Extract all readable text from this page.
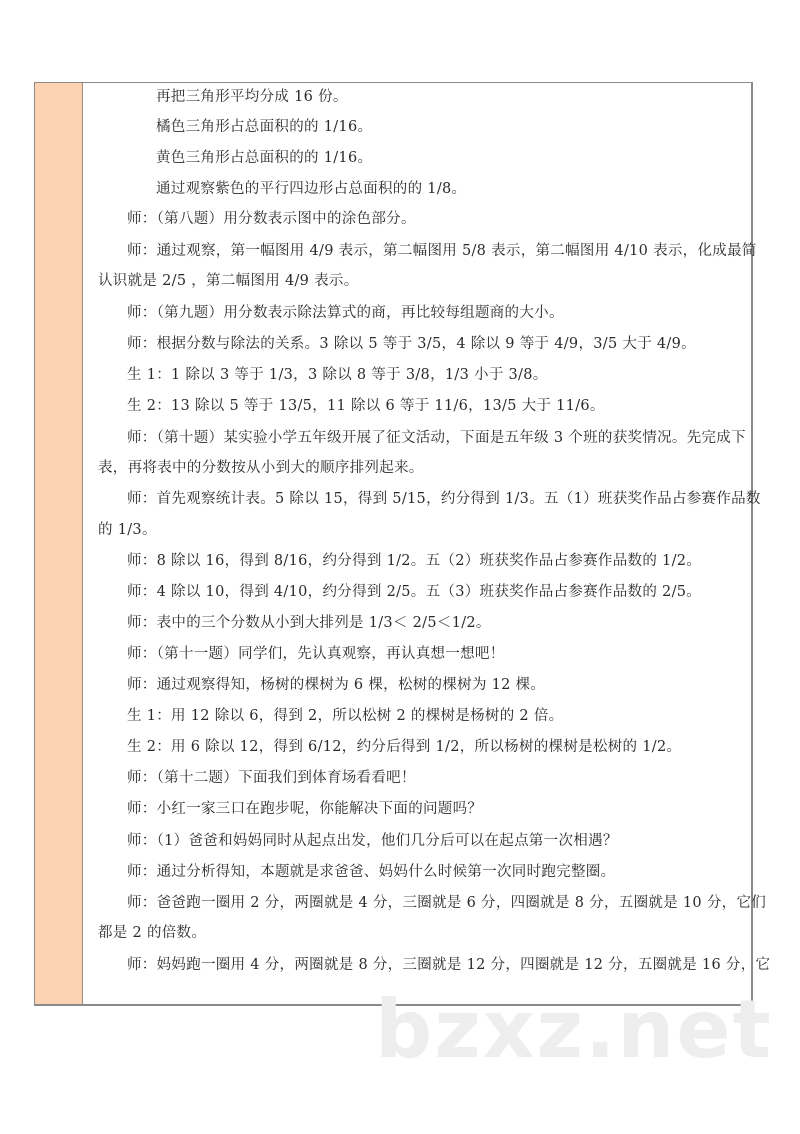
再把三角形平均分成 16 份。
橘色三角形占总面积的的 1/16。
黄色三角形占总面积的的 1/16。
通过观察紫色的平行四边形占总面积的的 1/8。
师：（第八题）用分数表示图中的涂色部分。
师：通过观察，第一幅图用 4/9 表示，第二幅图用 5/8 表示，第二幅图用 4/10 表示，化成最简
认识就是 2/5 ，第二幅图用 4/9 表示。
师：（第九题）用分数表示除法算式的商，再比较每组题商的大小。
师：根据分数与除法的关系。3 除以 5 等于 3/5，4 除以 9 等于 4/9，3/5 大于 4/9。
生 1：1 除以 3 等于 1/3，3 除以 8 等于 3/8，1/3 小于 3/8。
生 2：13 除以 5 等于 13/5，11 除以 6 等于 11/6，13/5 大于 11/6。
师：（第十题）某实验小学五年级开展了征文活动，下面是五年级 3 个班的获奖情况。先完成下
表，再将表中的分数按从小到大的顺序排列起来。
师：首先观察统计表。5 除以 15，得到 5/15，约分得到 1/3。五（1）班获奖作品占参赛作品数
的 1/3。
师：8 除以 16，得到 8/16，约分得到 1/2。五（2）班获奖作品占参赛作品数的 1/2。
师：4 除以 10，得到 4/10，约分得到 2/5。五（3）班获奖作品占参赛作品数的 2/5。
师：表中的三个分数从小到大排列是 1/3＜ 2/5＜1/2。
师：（第十一题）同学们，先认真观察，再认真想一想吧！
师：通过观察得知，杨树的棵树为 6 棵，松树的棵树为 12 棵。
生 1：用 12 除以 6，得到 2，所以松树 2 的棵树是杨树的 2 倍。
生 2：用 6 除以 12，得到 6/12，约分后得到 1/2，所以杨树的棵树是松树的 1/2。
师：（第十二题）下面我们到体育场看看吧！
师：小红一家三口在跑步呢，你能解决下面的问题吗？
师：（1）爸爸和妈妈同时从起点出发，他们几分后可以在起点第一次相遇？
师：通过分析得知，本题就是求爸爸、妈妈什么时候第一次同时跑完整圈。
师：爸爸跑一圈用 2 分，两圈就是 4 分，三圈就是 6 分，四圈就是 8 分，五圈就是 10 分，它们
都是 2 的倍数。
师：妈妈跑一圈用 4 分，两圈就是 8 分，三圈就是 12 分，四圈就是 12 分，五圈就是 16 分，它
bzxz.net
